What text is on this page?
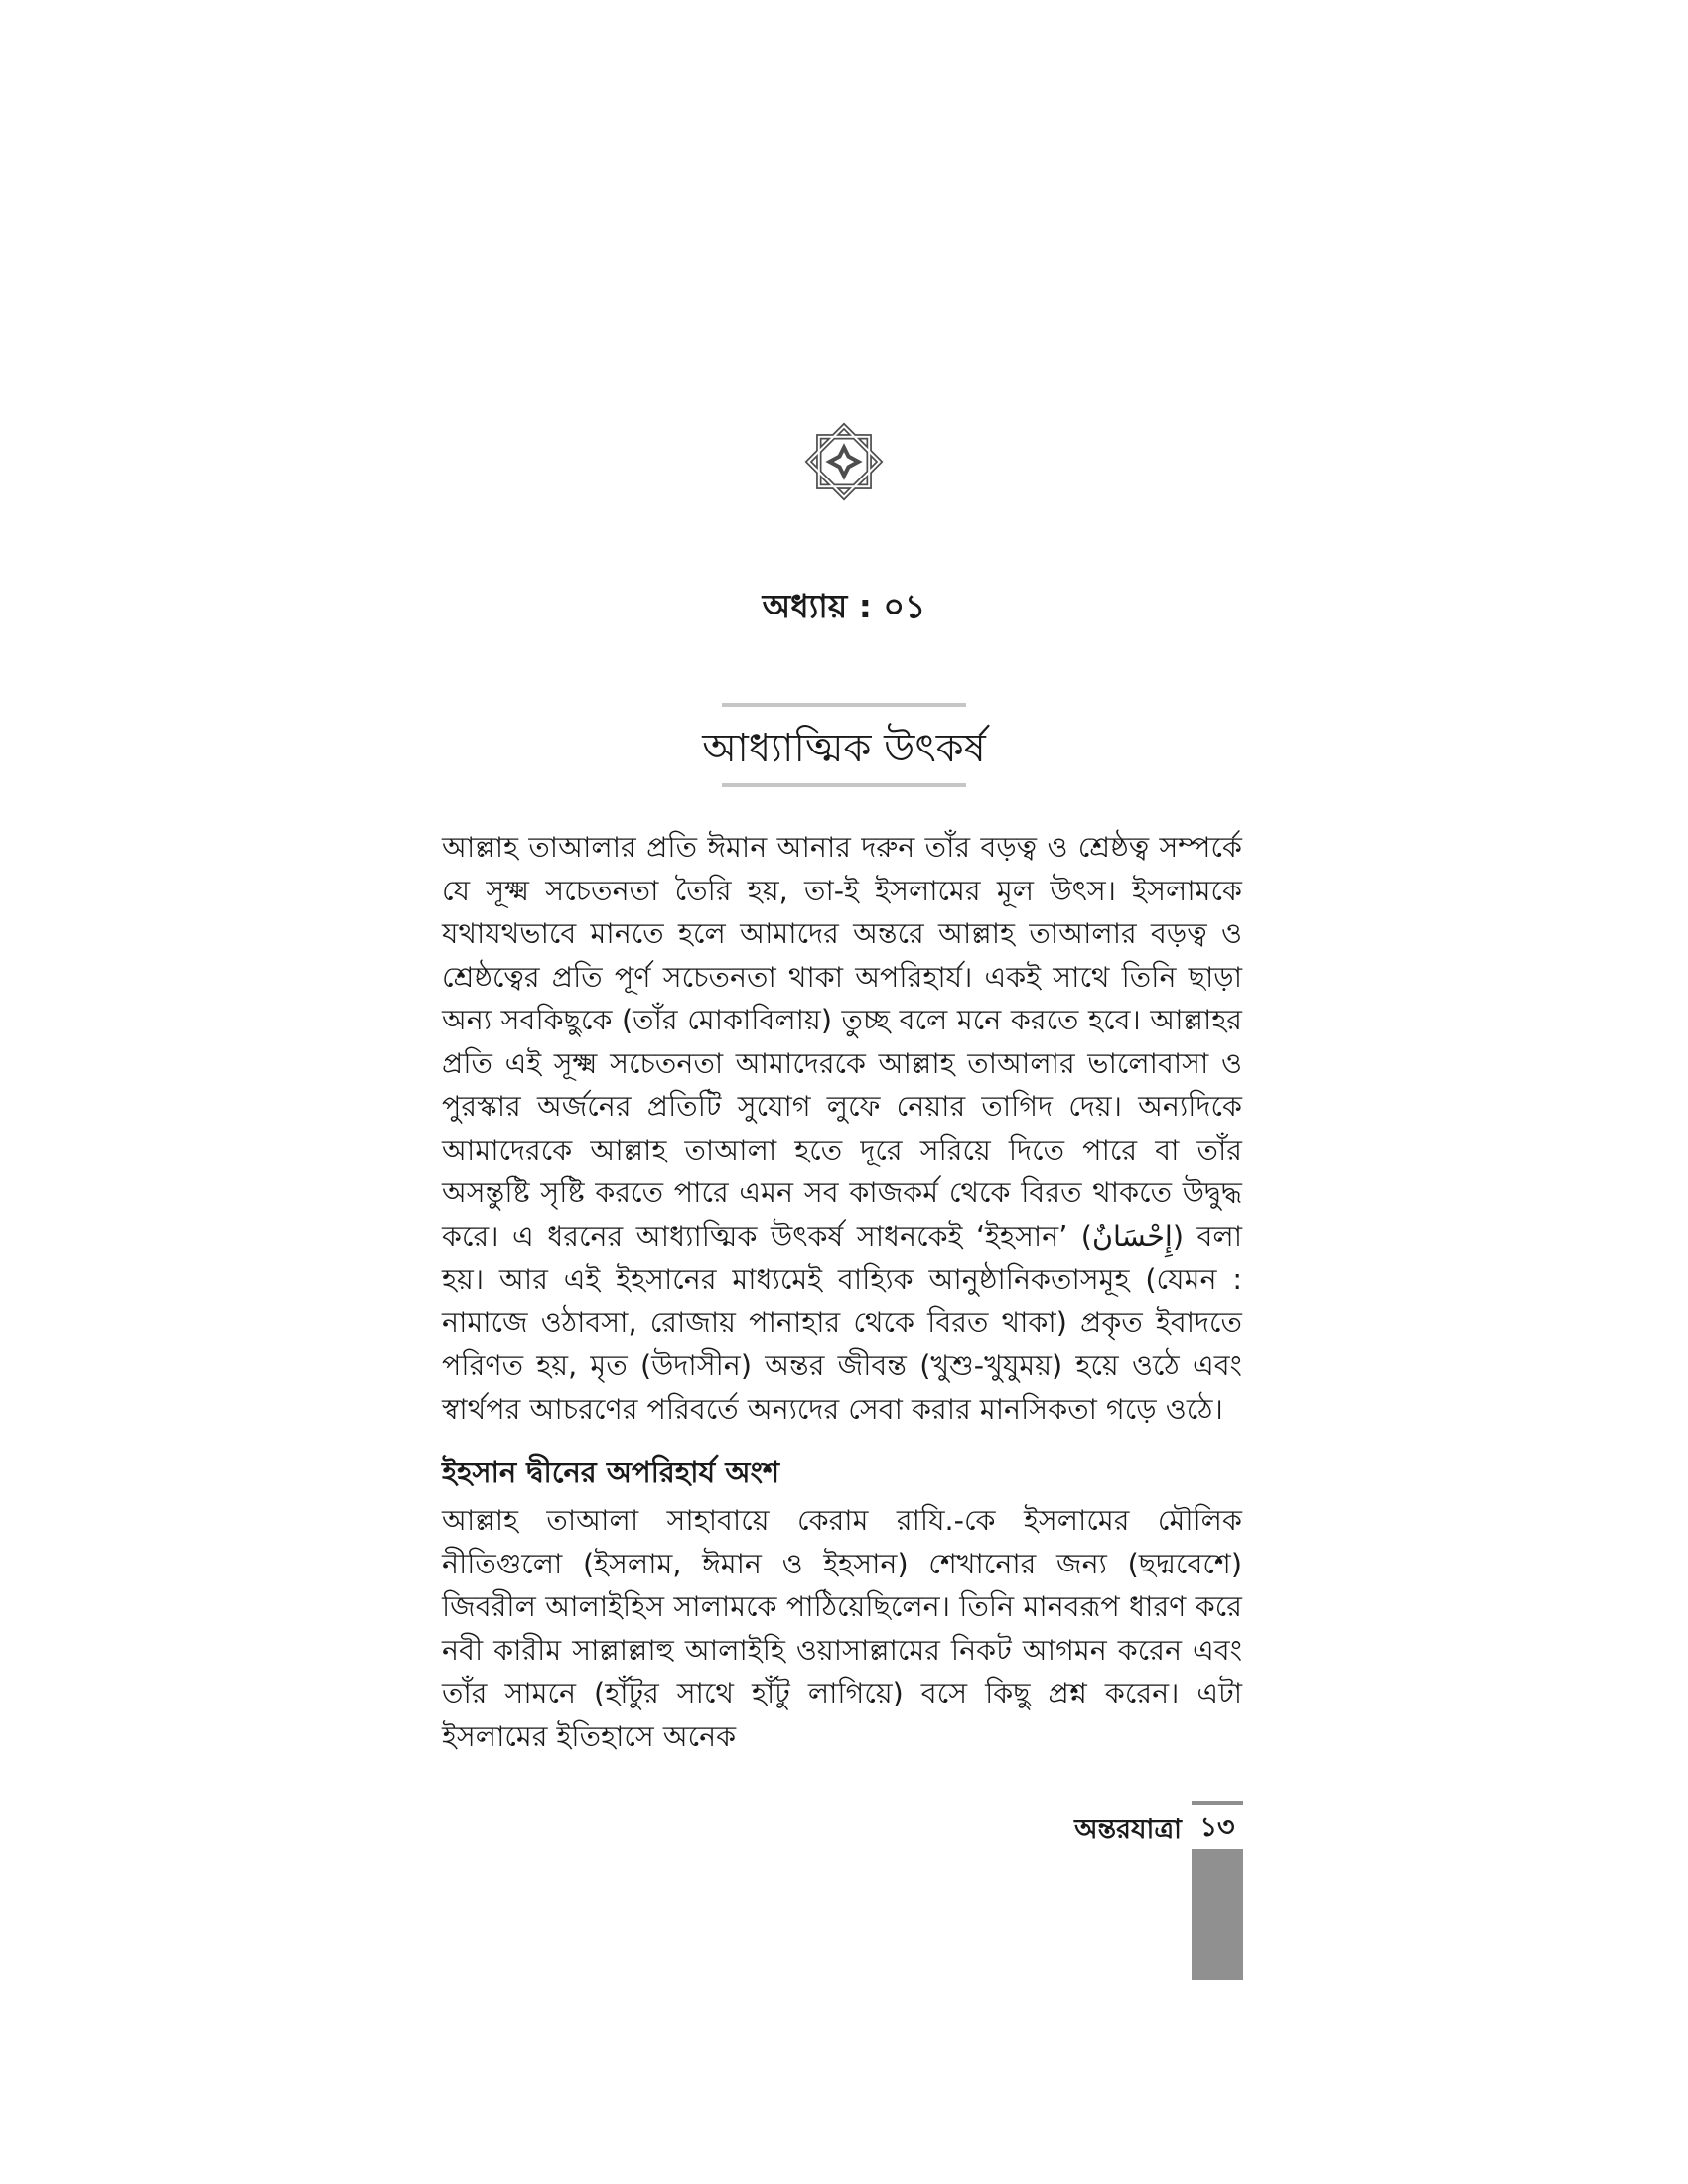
অধ্যায় : ০১
আধ্যাত্মিক উৎকর্ষ

আল্লাহ তাআলার প্রতি ঈমান আনার দরুন তাঁর বড়ত্ব ও শ্রেষ্ঠত্ব সম্পর্কে যে সূক্ষ্ম সচেতনতা তৈরি হয়, তা-ই ইসলামের মূল উৎস। ইসলামকে যথাযথভাবে মানতে হলে আমাদের অন্তরে আল্লাহ তাআলার বড়ত্ব ও শ্রেষ্ঠত্বের প্রতি পূর্ণ সচেতনতা থাকা অপরিহার্য। একই সাথে তিনি ছাড়া অন্য সবকিছুকে (তাঁর মোকাবিলায়) তুচ্ছ বলে মনে করতে হবে। আল্লাহর প্রতি এই সূক্ষ্ম সচেতনতা আমাদেরকে আল্লাহ তাআলার ভালোবাসা ও পুরস্কার অর্জনের প্রতিটি সুযোগ লুফে নেয়ার তাগিদ দেয়। অন্যদিকে আমাদেরকে আল্লাহ তাআলা হতে দূরে সরিয়ে দিতে পারে বা তাঁর অসন্তুষ্টি সৃষ্টি করতে পারে এমন সব কাজকর্ম থেকে বিরত থাকতে উদ্বুদ্ধ করে। এ ধরনের আধ্যাত্মিক উৎকর্ষ সাধনকেই ‘ইহসান’ (إِحْسَانٌ) বলা হয়। আর এই ইহসানের মাধ্যমেই বাহ্যিক আনুষ্ঠানিকতাসমূহ (যেমন : নামাজে ওঠাবসা, রোজায় পানাহার থেকে বিরত থাকা) প্রকৃত ইবাদতে পরিণত হয়, মৃত (উদাসীন) অন্তর জীবন্ত (খুশু-খুযুময়) হয়ে ওঠে এবং স্বার্থপর আচরণের পরিবর্তে অন্যদের সেবা করার মানসিকতা গড়ে ওঠে।

ইহসান দ্বীনের অপরিহার্য অংশ

আল্লাহ তাআলা সাহাবায়ে কেরাম রাযি.-কে ইসলামের মৌলিক নীতিগুলো (ইসলাম, ঈমান ও ইহসান) শেখানোর জন্য (ছদ্মবেশে) জিবরীল আলাইহিস সালামকে পাঠিয়েছিলেন। তিনি মানবরূপ ধারণ করে নবী কারীম সাল্লাল্লাহু আলাইহি ওয়াসাল্লামের নিকট আগমন করেন এবং তাঁর সামনে (হাঁটুর সাথে হাঁটু লাগিয়ে) বসে কিছু প্রশ্ন করেন। এটা ইসলামের ইতিহাসে অনেক

অন্তরযাত্রা ১৩
